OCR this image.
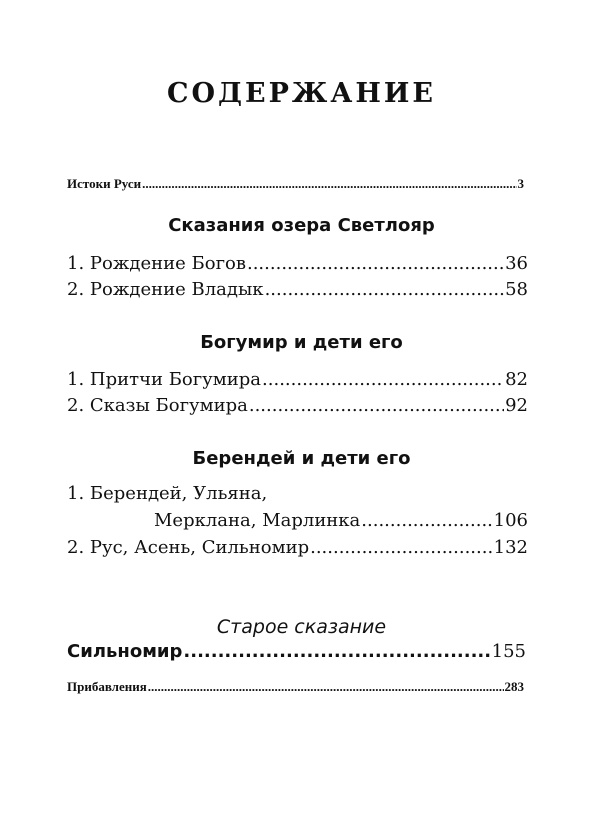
СОДЕРЖАНИЕ
Истоки Руси .....	3
Сказания озера Светлояр
1. Рождение Богов .....	36
2. Рождение Владык .....	58
Богумир и дети его
1. Притчи Богумира .....	82
2. Сказы Богумира .....	92
Берендей и дети его
1. Берендей, Ульяна,
Мерклана, Марлинка .....	106
2. Рус, Асень, Сильномир .....	132
Старое сказание
Сильномир .....	155
Прибавления .....	283
